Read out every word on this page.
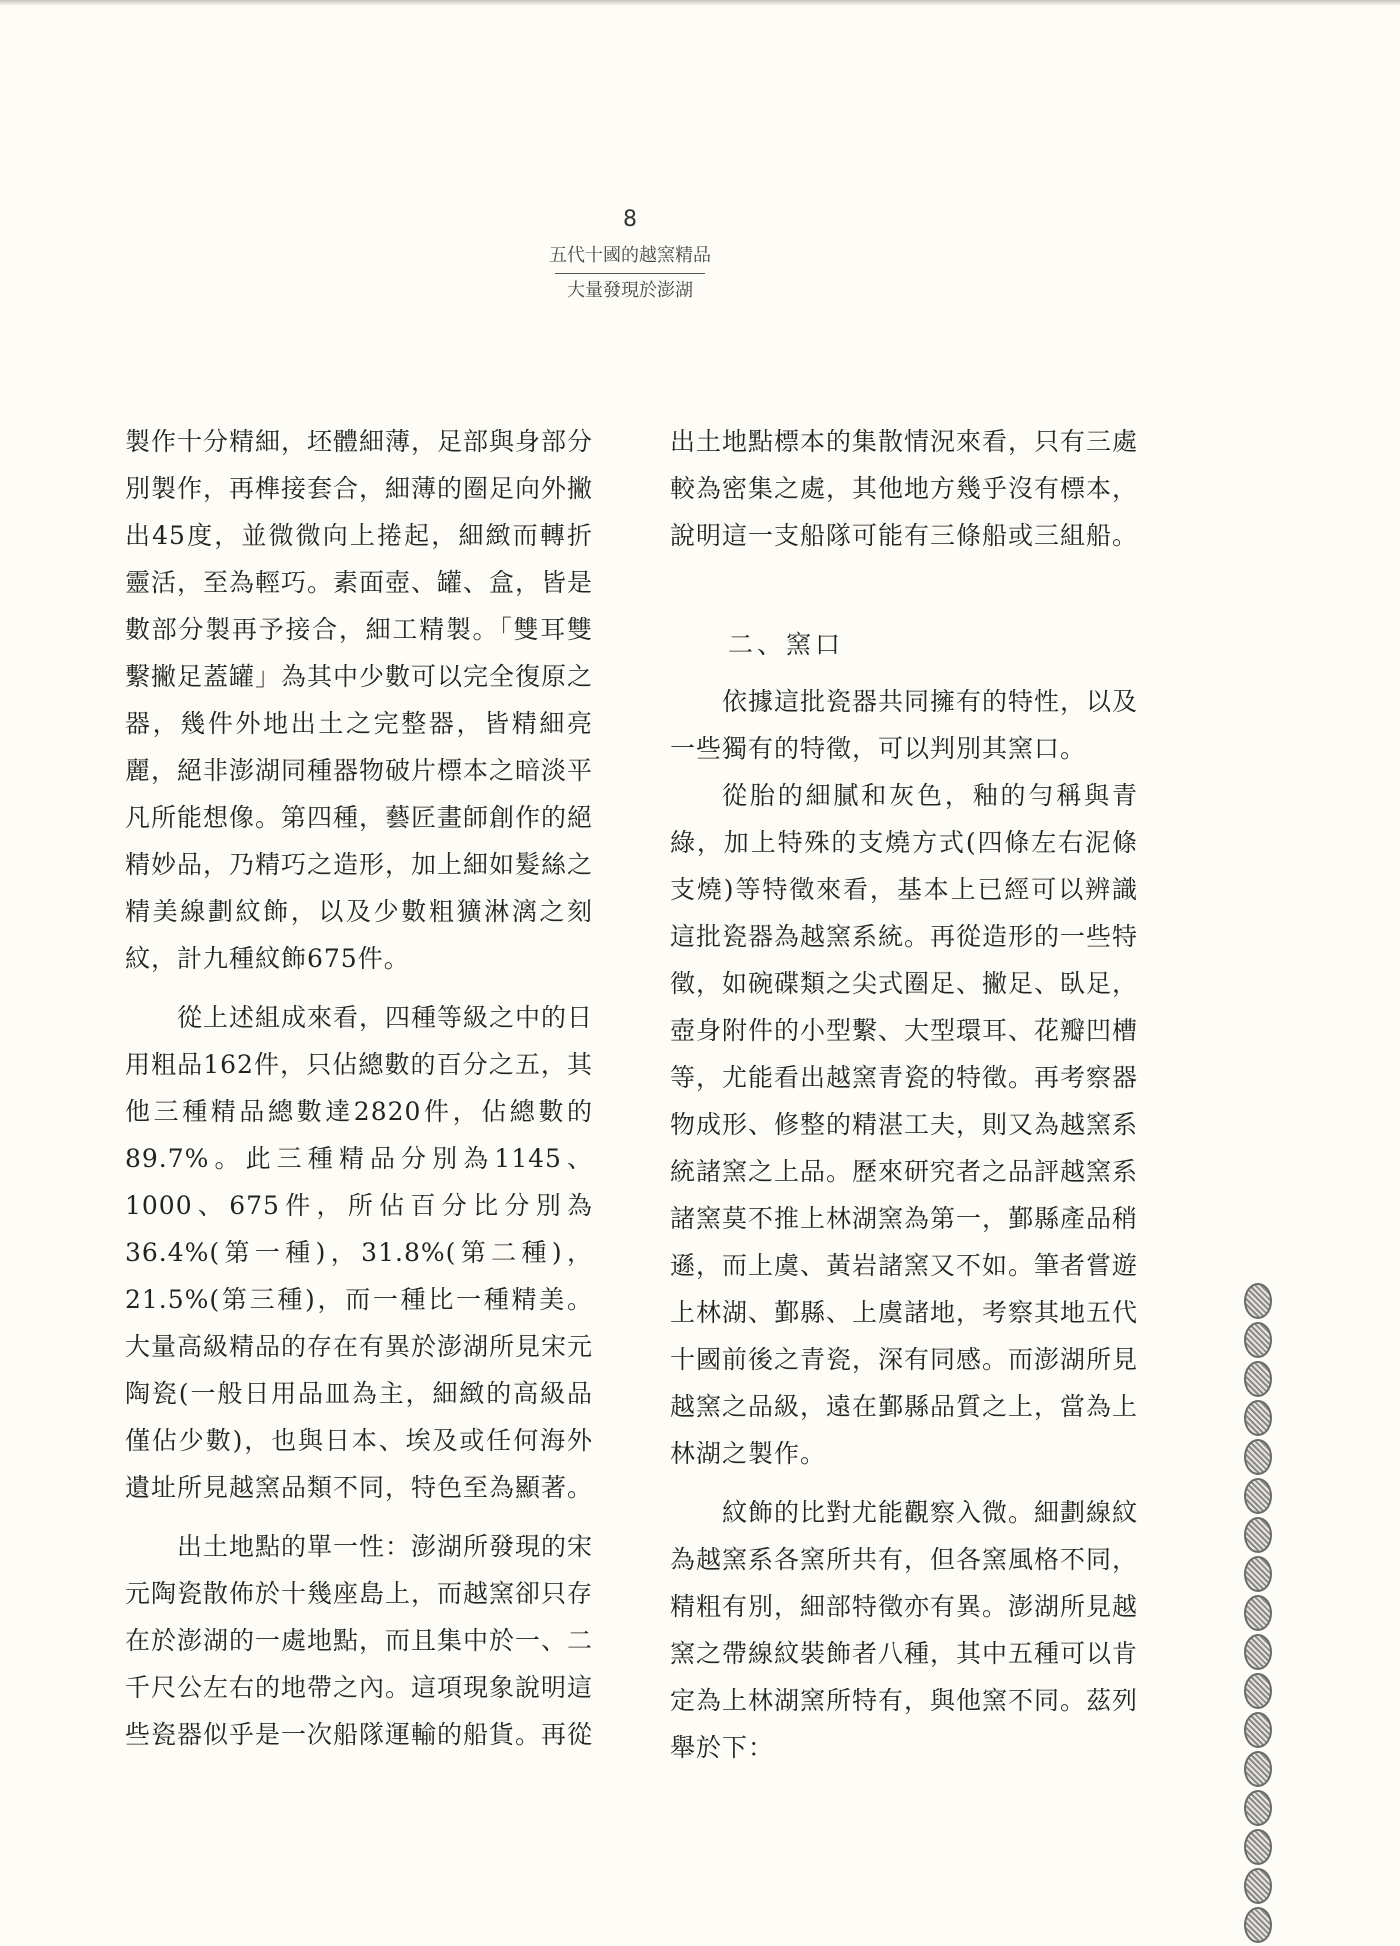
8
五代十國的越窯精品
大量發現於澎湖

製作十分精細，坯體細薄，足部與身部分別製作，再榫接套合，細薄的圈足向外撇出45度，並微微向上捲起，細緻而轉折靈活，至為輕巧。素面壺、罐、盒，皆是數部分製再予接合，細工精製。「雙耳雙繫撇足蓋罐」為其中少數可以完全復原之器，幾件外地出土之完整器，皆精細亮麗，絕非澎湖同種器物破片標本之暗淡平凡所能想像。第四種，藝匠畫師創作的絕精妙品，乃精巧之造形，加上細如髮絲之精美線劃紋飾，以及少數粗獷淋漓之刻紋，計九種紋飾675件。

從上述組成來看，四種等級之中的日用粗品162件，只佔總數的百分之五，其他三種精品總數達2820件，佔總數的89.7%。此三種精品分別為1145、1000、675件，所佔百分比分別為36.4%(第一種)，31.8%(第二種)，21.5%(第三種)，而一種比一種精美。大量高級精品的存在有異於澎湖所見宋元陶瓷(一般日用品皿為主，細緻的高級品僅佔少數)，也與日本、埃及或任何海外遺址所見越窯品類不同，特色至為顯著。

出土地點的單一性：澎湖所發現的宋元陶瓷散佈於十幾座島上，而越窯卻只存在於澎湖的一處地點，而且集中於一、二千尺公左右的地帶之內。這項現象說明這些瓷器似乎是一次船隊運輸的船貨。再從

出土地點標本的集散情況來看，只有三處較為密集之處，其他地方幾乎沒有標本，說明這一支船隊可能有三條船或三組船。

二、窯口

依據這批瓷器共同擁有的特性，以及一些獨有的特徵，可以判別其窯口。

從胎的細膩和灰色，釉的勻稱與青綠，加上特殊的支燒方式(四條左右泥條支燒)等特徵來看，基本上已經可以辨識這批瓷器為越窯系統。再從造形的一些特徵，如碗碟類之尖式圈足、撇足、臥足，壺身附件的小型繫、大型環耳、花瓣凹槽等，尤能看出越窯青瓷的特徵。再考察器物成形、修整的精湛工夫，則又為越窯系統諸窯之上品。歷來研究者之品評越窯系諸窯莫不推上林湖窯為第一，鄞縣產品稍遜，而上虞、黃岩諸窯又不如。筆者嘗遊上林湖、鄞縣、上虞諸地，考察其地五代十國前後之青瓷，深有同感。而澎湖所見越窯之品級，遠在鄞縣品質之上，當為上林湖之製作。

紋飾的比對尤能觀察入微。細劃線紋為越窯系各窯所共有，但各窯風格不同，精粗有別，細部特徵亦有異。澎湖所見越窯之帶線紋裝飾者八種，其中五種可以肯定為上林湖窯所特有，與他窯不同。茲列舉於下：
